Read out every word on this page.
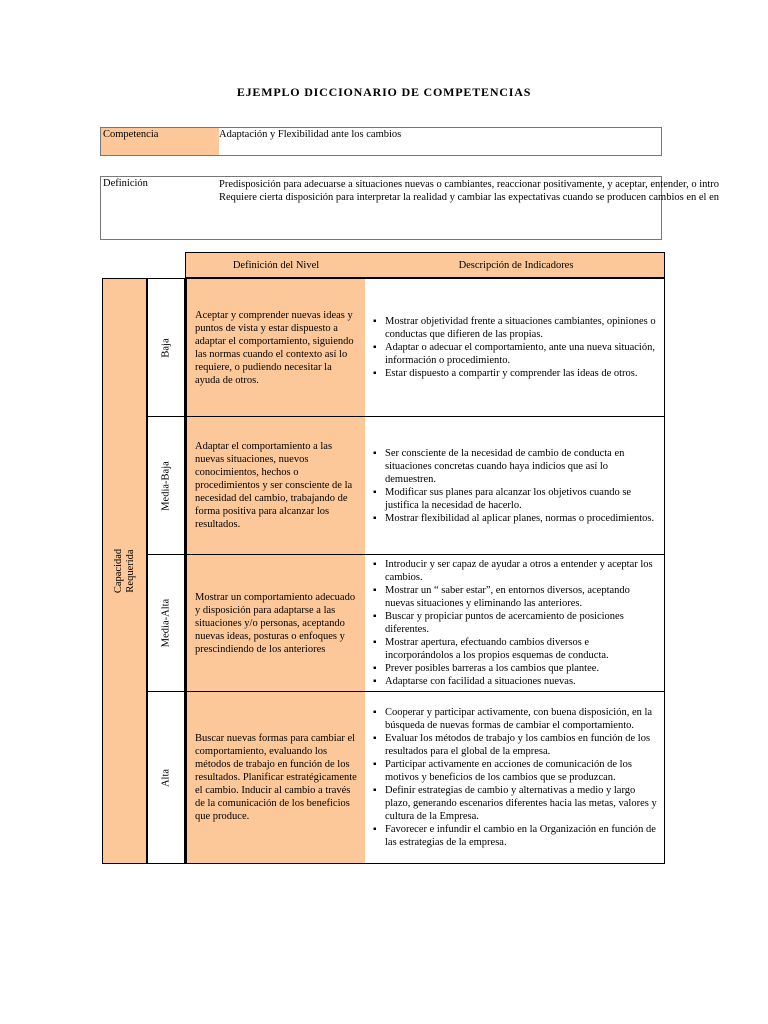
EJEMPLO DICCIONARIO DE COMPETENCIAS
Competencia	Adaptación y Flexibilidad ante los cambios
Definición	Predisposición para adecuarse a situaciones nuevas o cambiantes, reaccionar positivamente, y aceptar, entender, o intro
Requiere cierta disposición para interpretar la realidad y cambiar las expectativas cuando se producen cambios en el en
Definición del Nivel	Descripción de Indicadores
Capacidad Requerida
Baja
Aceptar y comprender nuevas ideas y puntos de vista y estar dispuesto a adaptar el comportamiento, siguiendo las normas cuando el contexto así lo requiere, o pudiendo necesitar la ayuda de otros.
▪ Mostrar objetividad frente a situaciones cambiantes, opiniones o conductas que difieren de las propias.
▪ Adaptar o adecuar el comportamiento, ante una nueva situación, información o procedimiento.
▪ Estar dispuesto a compartir y comprender las ideas de otros.
Media-Baja
Adaptar el comportamiento a las nuevas situaciones, nuevos conocimientos, hechos o procedimientos y ser consciente de la necesidad del cambio, trabajando de forma positiva para alcanzar los resultados.
▪ Ser consciente de la necesidad de cambio de conducta en situaciones concretas cuando haya indicios que así lo demuestren.
▪ Modificar sus planes para alcanzar los objetivos cuando se justifica la necesidad de hacerlo.
▪ Mostrar flexibilidad al aplicar planes, normas o procedimientos.
Media-Alta
Mostrar un comportamiento adecuado y disposición para adaptarse a las situaciones y/o personas, aceptando nuevas ideas, posturas o enfoques y prescindiendo de los anteriores
▪ Introducir y ser capaz de ayudar a otros a entender y aceptar los cambios.
▪ Mostrar un “ saber estar”, en entornos diversos, aceptando nuevas situaciones y eliminando las anteriores.
▪ Buscar y propiciar puntos de acercamiento de posiciones diferentes.
▪ Mostrar apertura, efectuando cambios diversos e incorporándolos a los propios esquemas de conducta.
▪ Prever posibles barreras a los cambios que plantee.
▪ Adaptarse con facilidad a situaciones nuevas.
Alta
Buscar nuevas formas para cambiar el comportamiento, evaluando los métodos de trabajo en función de los resultados. Planificar estratégicamente el cambio. Inducir al cambio a través de la comunicación de los beneficios que produce.
▪ Cooperar y participar activamente, con buena disposición, en la búsqueda de nuevas formas de cambiar el comportamiento.
▪ Evaluar los métodos de trabajo y los cambios en función de los resultados para el global de la empresa.
▪ Participar activamente en acciones de comunicación de los motivos y beneficios de los cambios que se produzcan.
▪ Definir estrategias de cambio y alternativas a medio y largo plazo, generando escenarios diferentes hacia las metas, valores y cultura de la Empresa.
▪ Favorecer e infundir el cambio en la Organización en función de las estrategias de la empresa.
